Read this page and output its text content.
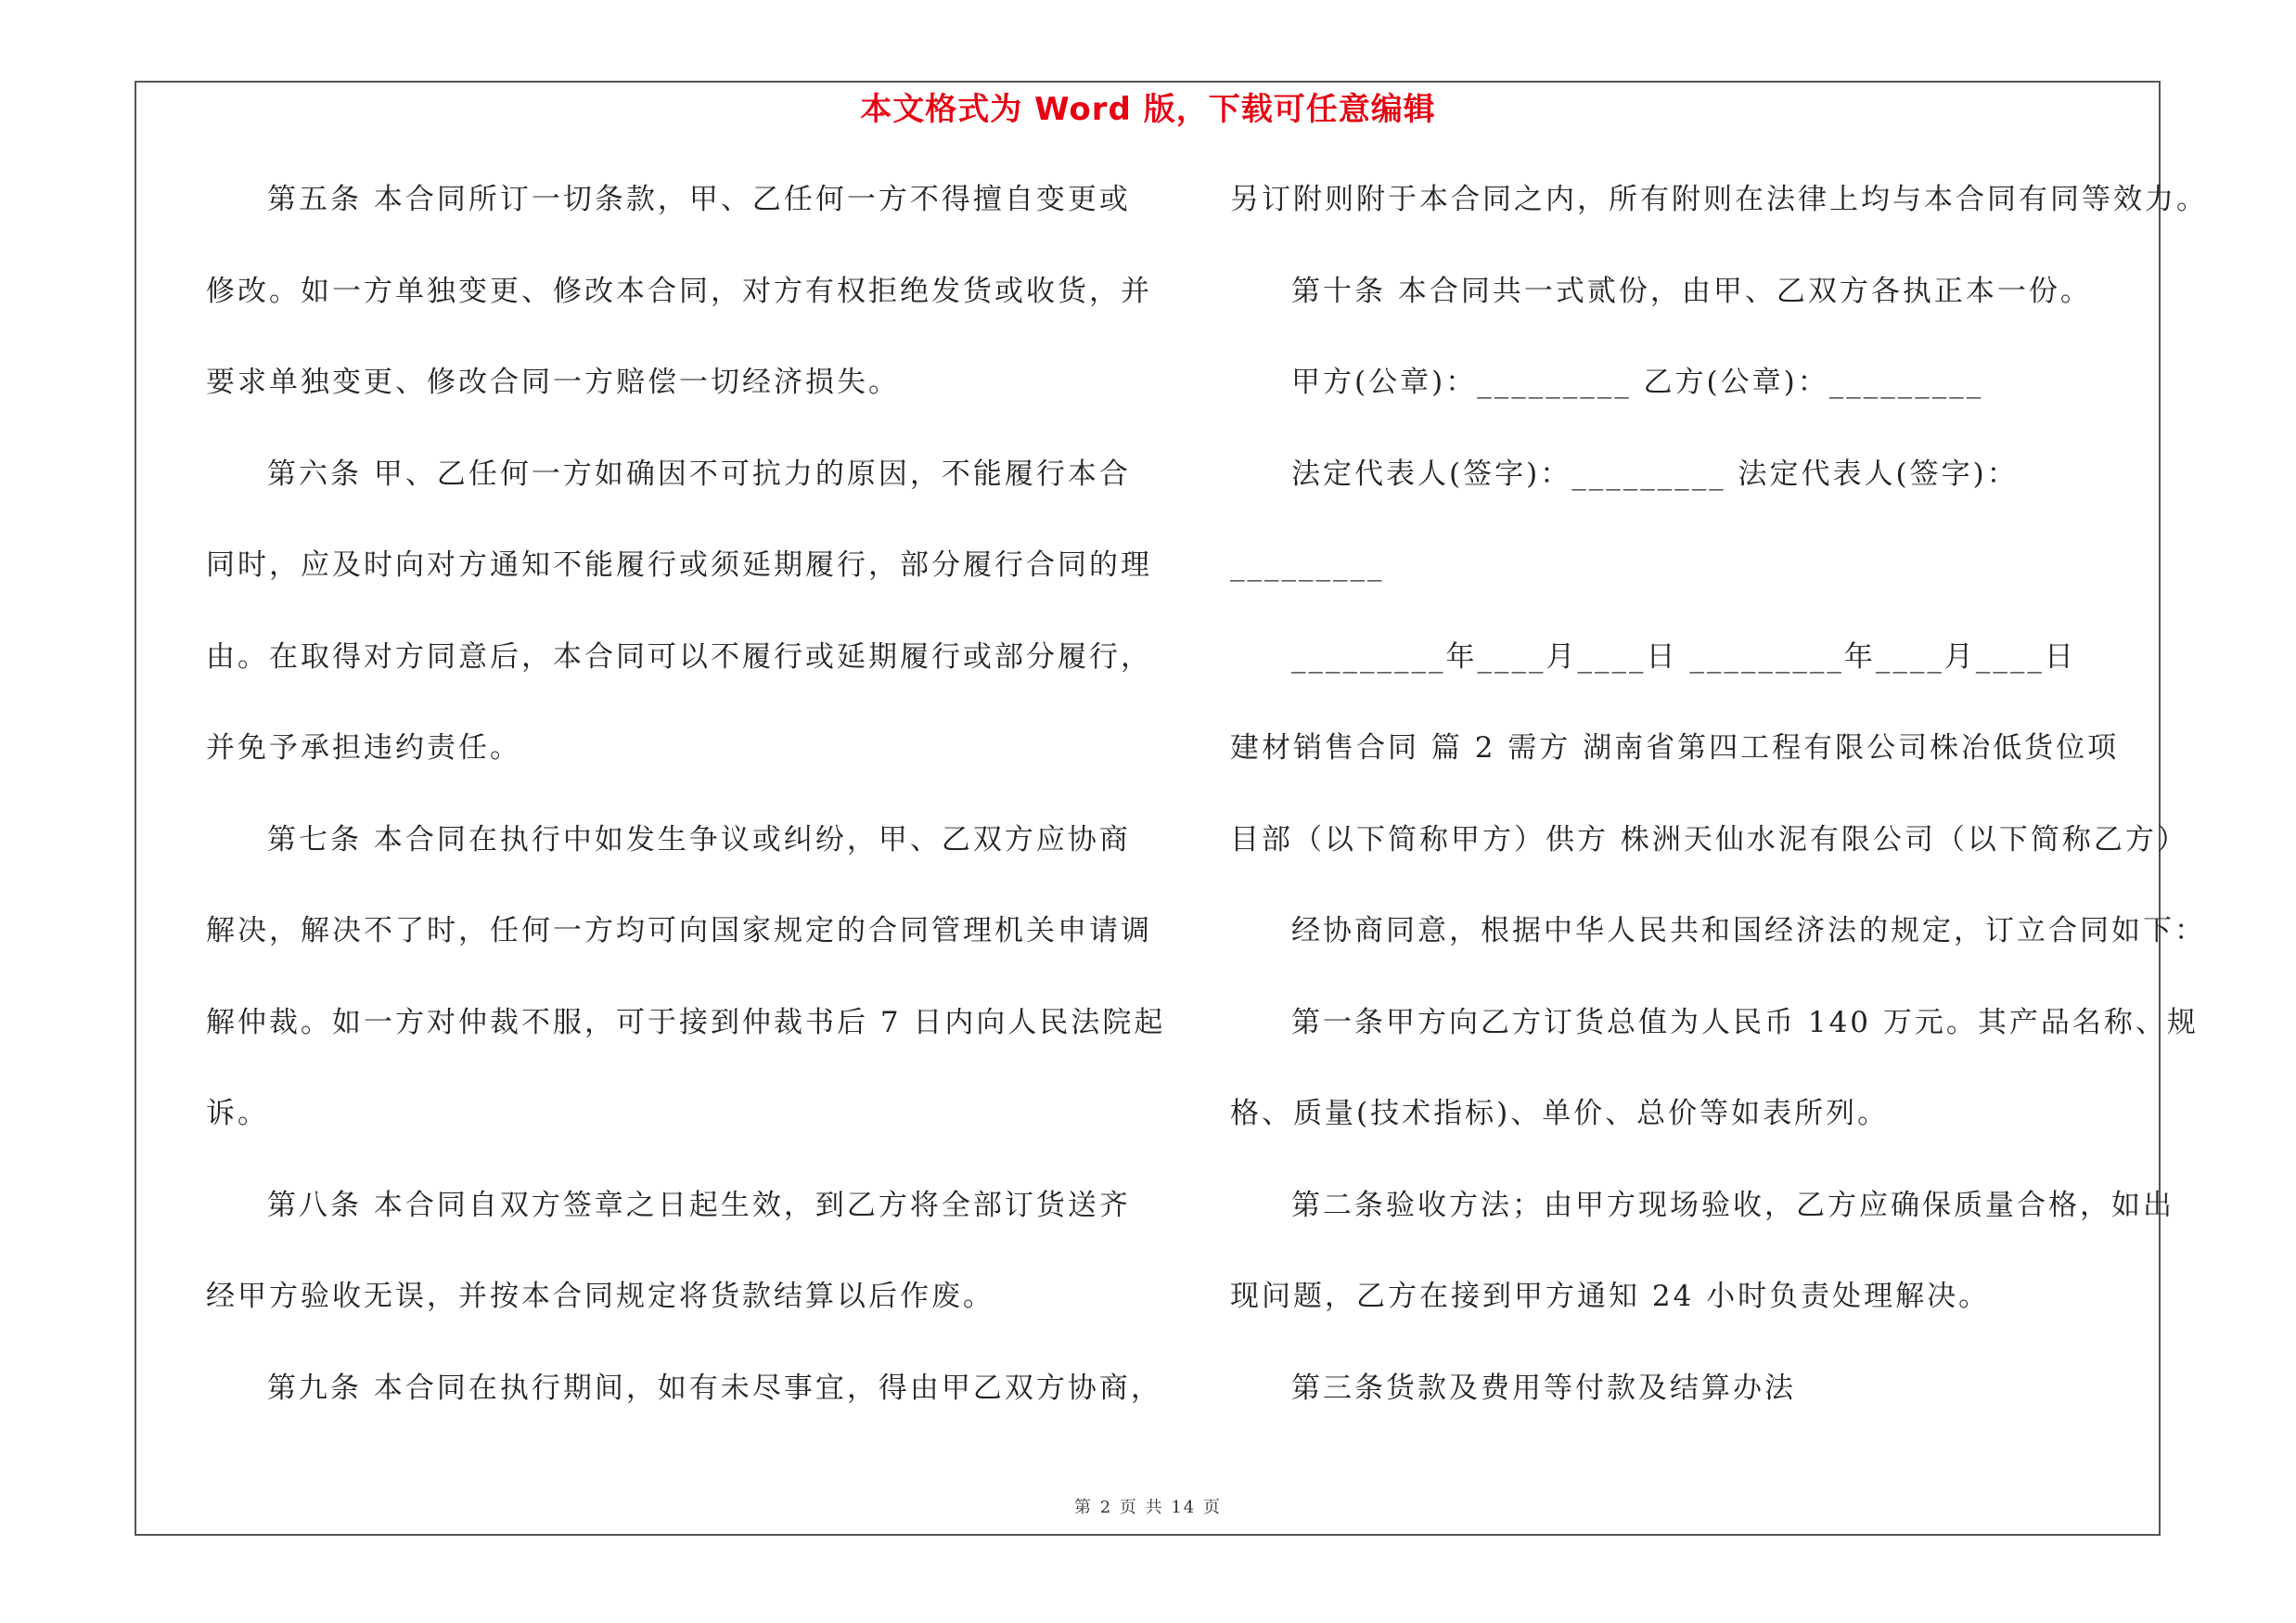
本文格式为 Word 版，下载可任意编辑
第五条 本合同所订一切条款，甲、乙任何一方不得擅自变更或
修改。如一方单独变更、修改本合同，对方有权拒绝发货或收货，并
要求单独变更、修改合同一方赔偿一切经济损失。
第六条 甲、乙任何一方如确因不可抗力的原因，不能履行本合
同时，应及时向对方通知不能履行或须延期履行，部分履行合同的理
由。在取得对方同意后，本合同可以不履行或延期履行或部分履行，
并免予承担违约责任。
第七条 本合同在执行中如发生争议或纠纷，甲、乙双方应协商
解决，解决不了时，任何一方均可向国家规定的合同管理机关申请调
解仲裁。如一方对仲裁不服，可于接到仲裁书后 7 日内向人民法院起
诉。
第八条 本合同自双方签章之日起生效，到乙方将全部订货送齐
经甲方验收无误，并按本合同规定将货款结算以后作废。
第九条 本合同在执行期间，如有未尽事宜，得由甲乙双方协商，
另订附则附于本合同之内，所有附则在法律上均与本合同有同等效力。
第十条 本合同共一式贰份，由甲、乙双方各执正本一份。
甲方(公章)：_________ 乙方(公章)：_________
法定代表人(签字)：_________ 法定代表人(签字)：
_________
_________年____月____日 _________年____月____日
建材销售合同 篇 2 需方 湖南省第四工程有限公司株冶低货位项
目部（以下简称甲方）供方 株洲天仙水泥有限公司（以下简称乙方）
经协商同意，根据中华人民共和国经济法的规定，订立合同如下：
第一条甲方向乙方订货总值为人民币 140 万元。其产品名称、规
格、质量(技术指标)、单价、总价等如表所列。
第二条验收方法；由甲方现场验收，乙方应确保质量合格，如出
现问题，乙方在接到甲方通知 24 小时负责处理解决。
第三条货款及费用等付款及结算办法
第 2 页 共 14 页
